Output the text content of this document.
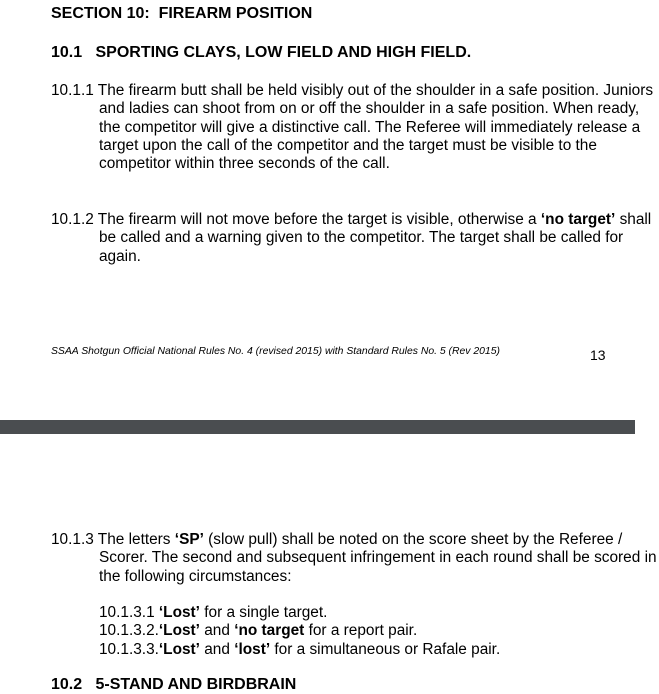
SECTION 10:  FIREARM POSITION
10.1   SPORTING CLAYS, LOW FIELD AND HIGH FIELD.
10.1.1 The firearm butt shall be held visibly out of the shoulder in a safe position. Juniors and ladies can shoot from on or off the shoulder in a safe position. When ready, the competitor will give a distinctive call. The Referee will immediately release a target upon the call of the competitor and the target must be visible to the competitor within three seconds of the call.
10.1.2 The firearm will not move before the target is visible, otherwise a ‘no target’ shall be called and a warning given to the competitor. The target shall be called for again.
SSAA Shotgun Official National Rules No. 4 (revised 2015) with Standard Rules No. 5 (Rev 2015)	13
10.1.3 The letters ‘SP’ (slow pull) shall be noted on the score sheet by the Referee / Scorer. The second and subsequent infringement in each round shall be scored in the following circumstances:
10.1.3.1 ‘Lost’ for a single target.
10.1.3.2.‘Lost’ and ‘no target for a report pair.
10.1.3.3.‘Lost’ and ‘lost’ for a simultaneous or Rafale pair.
10.2   5-STAND AND BIRDBRAIN
